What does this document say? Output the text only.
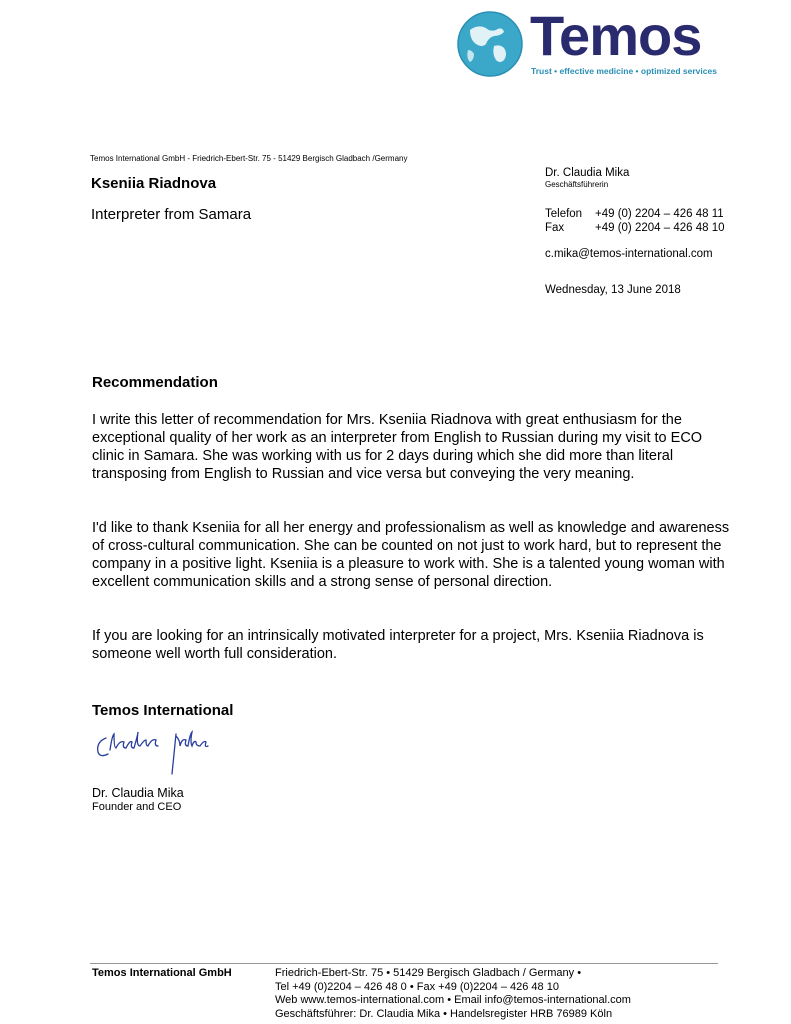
Temos
Trust • effective medicine • optimized services
Temos International GmbH - Friedrich-Ebert-Str. 75 - 51429 Bergisch Gladbach /Germany
Kseniia Riadnova
Interpreter from Samara
Dr. Claudia Mika
Geschäftsführerin
Telefon	+49 (0) 2204 – 426 48 11
Fax	+49 (0) 2204 – 426 48 10
c.mika@temos-international.com
Wednesday, 13 June 2018
Recommendation
I write this letter of recommendation for Mrs. Kseniia Riadnova with great enthusiasm for the exceptional quality of her work as an interpreter from English to Russian during my visit to ECO clinic in Samara. She was working with us for 2 days during which she did more than literal transposing from English to Russian and vice versa but conveying the very meaning.
I'd like to thank Kseniia for all her energy and professionalism as well as knowledge and awareness of cross-cultural communication. She can be counted on not just to work hard, but to represent the company in a positive light. Kseniia is a pleasure to work with. She is a talented young woman with excellent communication skills and a strong sense of personal direction.
If you are looking for an intrinsically motivated interpreter for a project, Mrs. Kseniia Riadnova is someone well worth full consideration.
Temos International
Dr. Claudia Mika
Founder and CEO
Temos International GmbH	Friedrich-Ebert-Str. 75 • 51429 Bergisch Gladbach / Germany •
Tel +49 (0)2204 – 426 48 0 • Fax +49 (0)2204 – 426 48 10
Web www.temos-international.com • Email info@temos-international.com
Geschäftsführer: Dr. Claudia Mika • Handelsregister HRB 76989 Köln
